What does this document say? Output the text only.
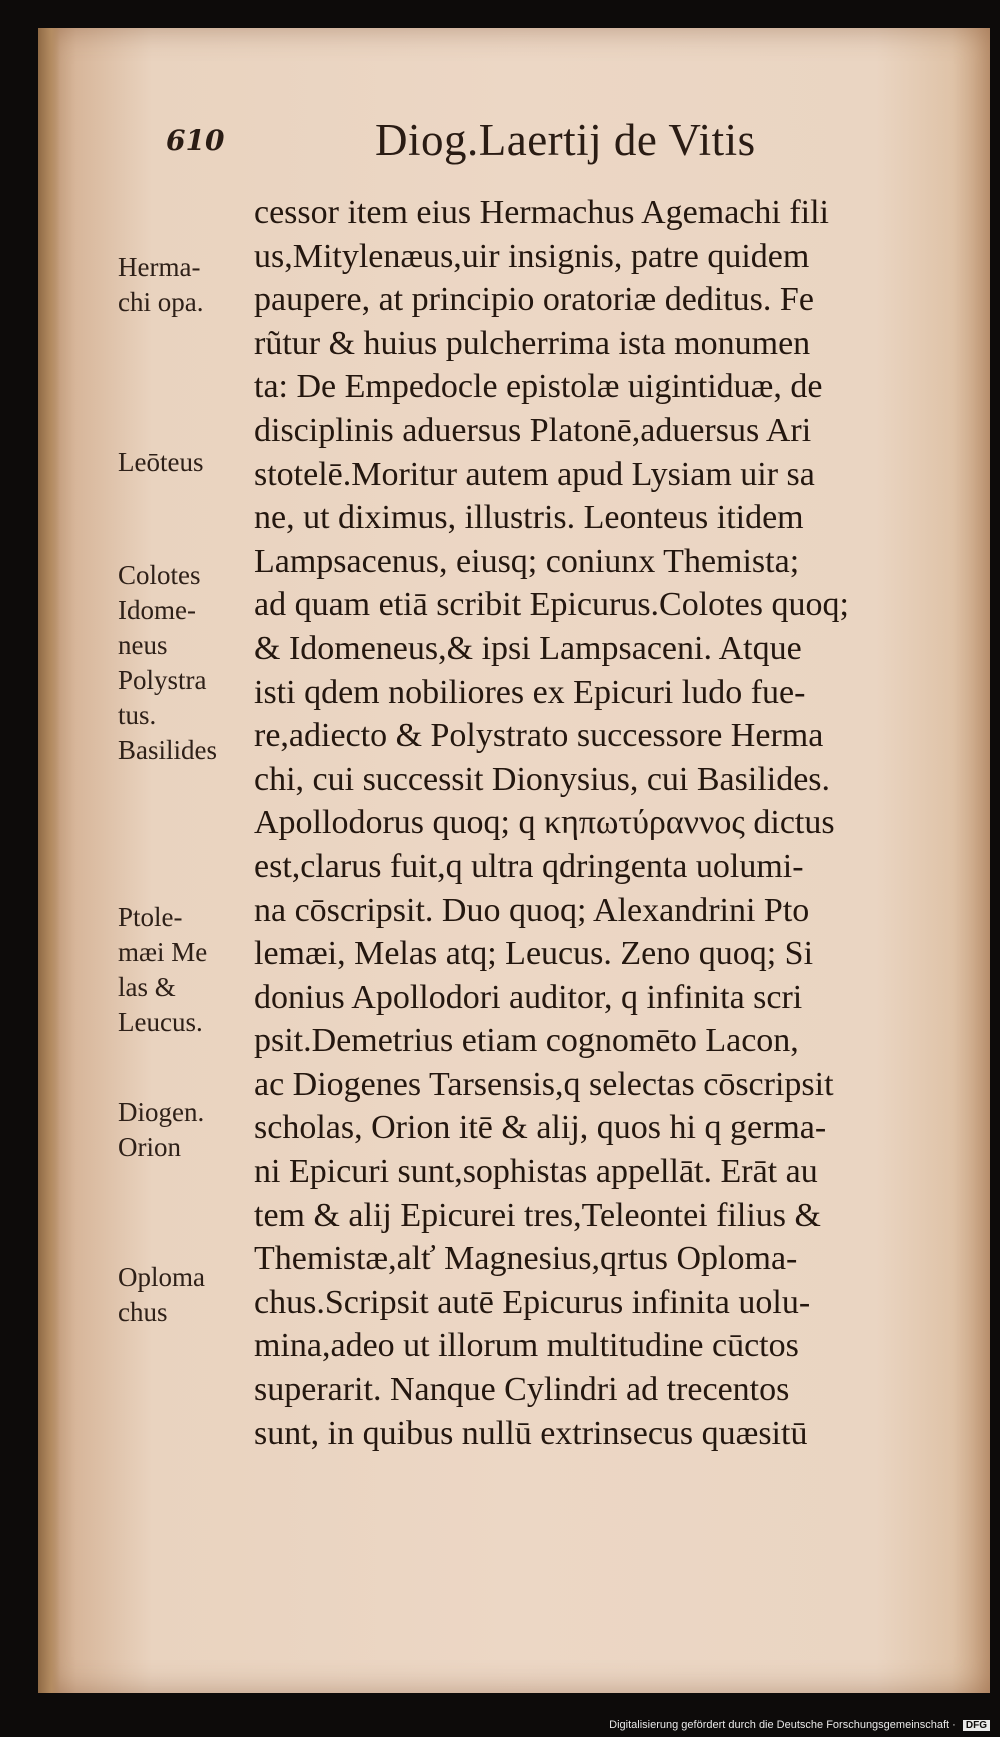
610	Diog.Laertij de Vitis

Herma-
chi opa.

Leōteus

Colotes
Idome-
neus
Polystra
tus.
Basilides

Ptole-
mæi Me
las &
Leucus.

Diogen.
Orion

Oploma
chus

cessor item eius Hermachus Agemachi fili

us,Mitylenæus,uir insignis, patre quidem

paupere, at principio oratoriæ deditus. Fe

rũtur & huius pulcherrima ista monumen

ta: De Empedocle epistolæ uigintiduæ, de

disciplinis aduersus Platonē,aduersus Ari

stotelē.Moritur autem apud Lysiam uir sa

ne, ut diximus, illustris. Leonteus itidem

Lampsacenus, eiusq; coniunx Themista;

ad quam etiā scribit Epicurus.Colotes quoq;

& Idomeneus,& ipsi Lampsaceni. Atque

isti qdem nobiliores ex Epicuri ludo fue-

re,adiecto & Polystrato successore Herma

chi, cui successit Dionysius, cui Basilides.

Apollodorus quoq; q κηπωτύραννος dictus

est,clarus fuit,q ultra qdringenta uolumi-

na cōscripsit. Duo quoq; Alexandrini Pto

lemæi, Melas atq; Leucus. Zeno quoq; Si

donius Apollodori auditor, q infinita scri

psit.Demetrius etiam cognomēto Lacon,

ac Diogenes Tarsensis,q selectas cōscripsit

scholas, Orion itē & alij, quos hi q germa-

ni Epicuri sunt,sophistas appellāt. Erāt au

tem & alij Epicurei tres,Teleontei filius &

Themistæ,alť Magnesius,qrtus Oploma-

chus.Scripsit autē Epicurus infinita uolu-

mina,adeo ut illorum multitudine cūctos

superarit. Nanque Cylindri ad trecentos

sunt, in quibus nullū extrinsecus quæsitū

Digitalisierung gefördert durch die Deutsche Forschungsgemeinschaft · DFG
